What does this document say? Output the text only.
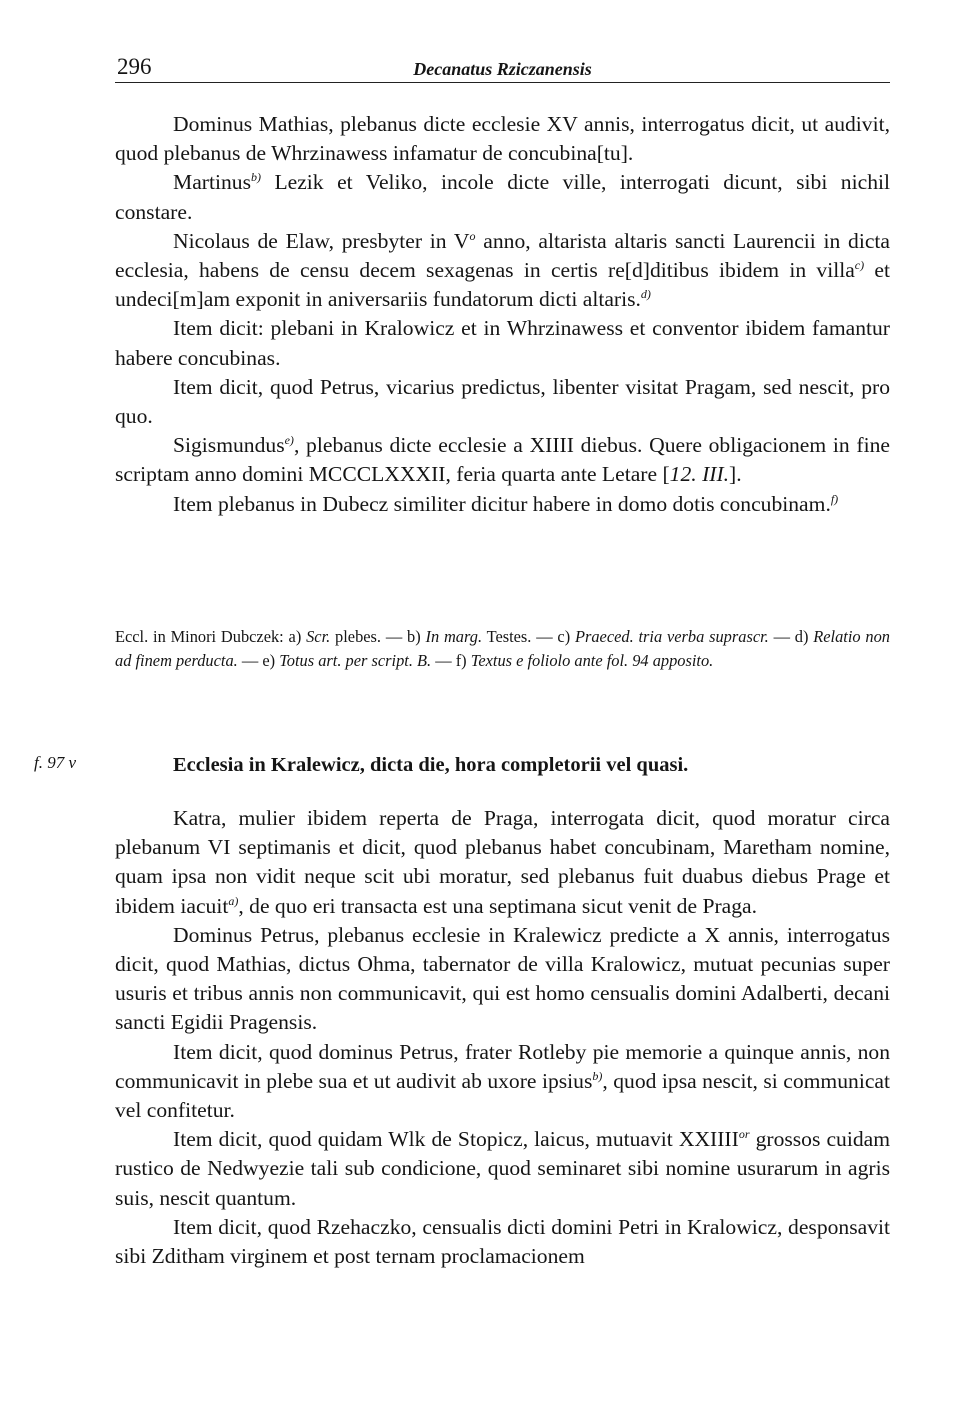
296	Decanatus Rziczanensis

Dominus Mathias, plebanus dicte ecclesie XV annis, interrogatus dicit, ut audivit, quod plebanus de Whrzinawess infamatur de concubina[tu].

Martinus$^{b)}$ Lezik et Veliko, incole dicte ville, interrogati dicunt, sibi nichil constare.

Nicolaus de Elaw, presbyter in $V^o$ anno, altarista altaris sancti Laurencii in dicta ecclesia, habens de censu decem sexagenas in certis re[d]ditibus ibidem in villa$^{c)}$ et undeci[m]am exponit in aniversariis fundatorum dicti altaris.$^{d)}$

Item dicit: plebani in Kralowicz et in Whrzinawess et conventor ibidem famantur habere concubinas.

Item dicit, quod Petrus, vicarius predictus, libenter visitat Pragam, sed nescit, pro quo.

Sigismundus$^{e)}$, plebanus dicte ecclesie a XIIII diebus. Quere obligacionem in fine scriptam anno domini MCCCLXXXII, feria quarta ante Letare [12. III.].

Item plebanus in Dubecz similiter dicitur habere in domo dotis concubinam.$^{f)}$

Eccl. in Minori Dubczek: a) Scr. plebes. — b) In marg. Testes. — c) Praeced. tria verba suprascr. — d) Relatio non ad finem perducta. — e) Totus art. per script. B. — f) Textus e foliolo ante fol. 94 apposito.
f. 97 v	Ecclesia in Kralewicz, dicta die, hora completorii vel quasi.

Katra, mulier ibidem reperta de Praga, interrogata dicit, quod moratur circa plebanum VI septimanis et dicit, quod plebanus habet concubinam, Maretham nomine, quam ipsa non vidit neque scit ubi moratur, sed plebanus fuit duabus diebus Prage et ibidem iacuit$^{a)}$, de quo eri transacta est una septimana sicut venit de Praga.

Dominus Petrus, plebanus ecclesie in Kralewicz predicte a X annis, interrogatus dicit, quod Mathias, dictus Ohma, tabernator de villa Kralowicz, mutuat pecunias super usuris et tribus annis non communicavit, qui est homo censualis domini Adalberti, decani sancti Egidii Pragensis.

Item dicit, quod dominus Petrus, frater Rotleby pie memorie a quinque annis, non communicavit in plebe sua et ut audivit ab uxore ipsius$^{b)}$, quod ipsa nescit, si communicat vel confitetur.

Item dicit, quod quidam Wlk de Stopicz, laicus, mutuavit $XXIIII^{or}$ grossos cuidam rustico de Nedwyezie tali sub condicione, quod seminaret sibi nomine usurarum in agris suis, nescit quantum.

Item dicit, quod Rzehaczko, censualis dicti domini Petri in Kralowicz, desponsavit sibi Zditham virginem et post ternam proclamacionem
